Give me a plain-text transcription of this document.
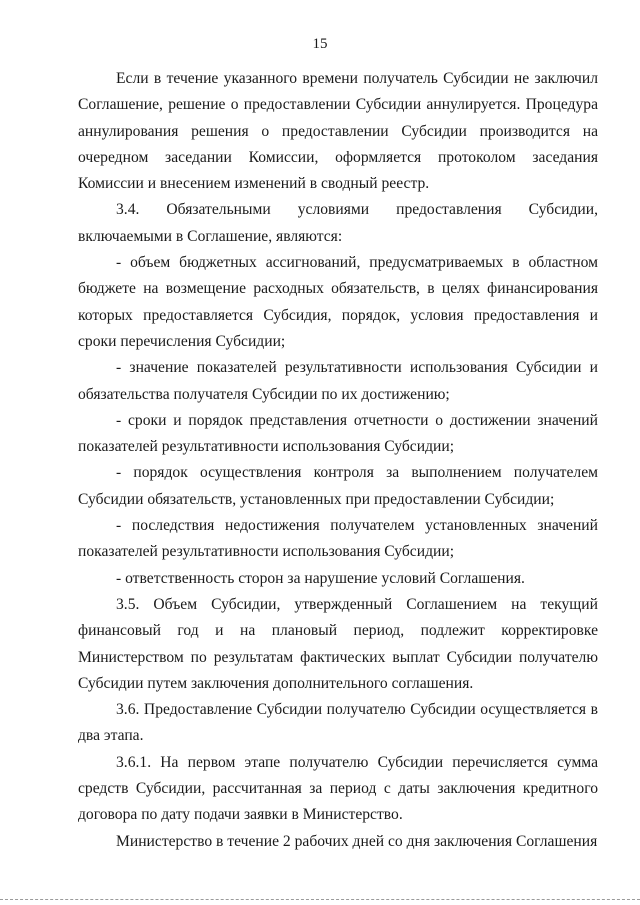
15

Если в течение указанного времени получатель Субсидии не заключил Соглашение, решение о предоставлении Субсидии аннулируется. Процедура аннулирования решения о предоставлении Субсидии производится на очередном заседании Комиссии, оформляется протоколом заседания Комиссии и внесением изменений в сводный реестр.

3.4. Обязательными условиями предоставления Субсидии, включаемыми в Соглашение, являются:

- объем бюджетных ассигнований, предусматриваемых в областном бюджете на возмещение расходных обязательств, в целях финансирования которых предоставляется Субсидия, порядок, условия предоставления и сроки перечисления Субсидии;

- значение показателей результативности использования Субсидии и обязательства получателя Субсидии по их достижению;

- сроки и порядок представления отчетности о достижении значений показателей результативности использования Субсидии;

- порядок осуществления контроля за выполнением получателем Субсидии обязательств, установленных при предоставлении Субсидии;

- последствия недостижения получателем установленных значений показателей результативности использования Субсидии;

- ответственность сторон за нарушение условий Соглашения.

3.5. Объем Субсидии, утвержденный Соглашением на текущий финансовый год и на плановый период, подлежит корректировке Министерством по результатам фактических выплат Субсидии получателю Субсидии путем заключения дополнительного соглашения.

3.6. Предоставление Субсидии получателю Субсидии осуществляется в два этапа.

3.6.1. На первом этапе получателю Субсидии перечисляется сумма средств Субсидии, рассчитанная за период с даты заключения кредитного договора по дату подачи заявки в Министерство.

Министерство в течение 2 рабочих дней со дня заключения Соглашения
